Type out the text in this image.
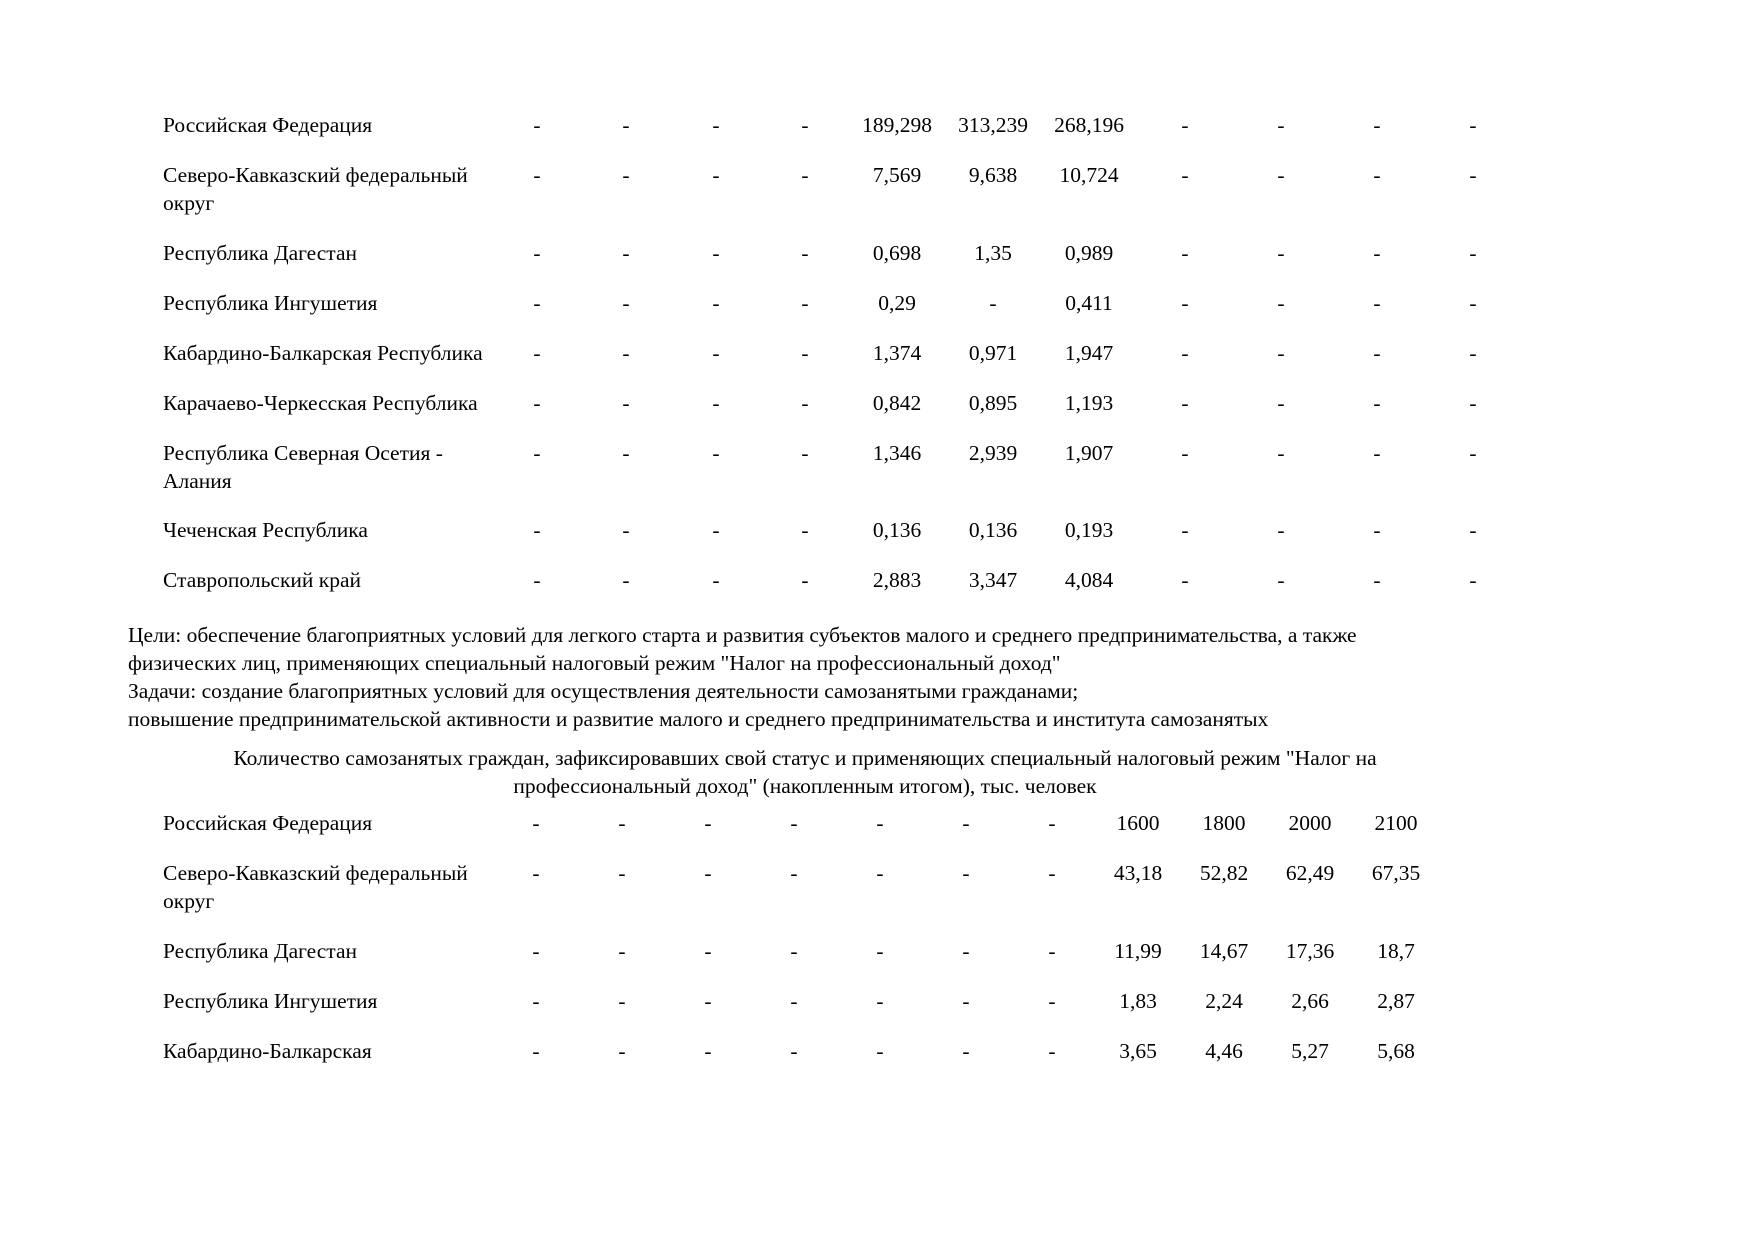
Российская Федерация	-	-	-	-	189,298	313,239	268,196	-	-	-	-

Северо-Кавказский федеральный округ	-	-	-	-	7,569	9,638	10,724	-	-	-	-

Республика Дагестан	-	-	-	-	0,698	1,35	0,989	-	-	-	-

Республика Ингушетия	-	-	-	-	0,29	-	0,411	-	-	-	-

Кабардино-Балкарская Республика	-	-	-	-	1,374	0,971	1,947	-	-	-	-

Карачаево-Черкесская Республика	-	-	-	-	0,842	0,895	1,193	-	-	-	-

Республика Северная Осетия - Алания	-	-	-	-	1,346	2,939	1,907	-	-	-	-

Чеченская Республика	-	-	-	-	0,136	0,136	0,193	-	-	-	-

Ставропольский край	-	-	-	-	2,883	3,347	4,084	-	-	-	-

Цели: обеспечение благоприятных условий для легкого старта и развития субъектов малого и среднего предпринимательства, а также

физических лиц, применяющих специальный налоговый режим "Налог на профессиональный доход"

Задачи: создание благоприятных условий для осуществления деятельности самозанятыми гражданами;

повышение предпринимательской активности и развитие малого и среднего предпринимательства и института самозанятых

Количество самозанятых граждан, зафиксировавших свой статус и применяющих специальный налоговый режим "Налог на
профессиональный доход" (накопленным итогом), тыс. человек
Российская Федерация	-	-	-	-	-	-	-	1600	1800	2000	2100

Северо-Кавказский федеральный округ	-	-	-	-	-	-	-	43,18	52,82	62,49	67,35

Республика Дагестан	-	-	-	-	-	-	-	11,99	14,67	17,36	18,7

Республика Ингушетия	-	-	-	-	-	-	-	1,83	2,24	2,66	2,87

Кабардино-Балкарская	-	-	-	-	-	-	-	3,65	4,46	5,27	5,68
